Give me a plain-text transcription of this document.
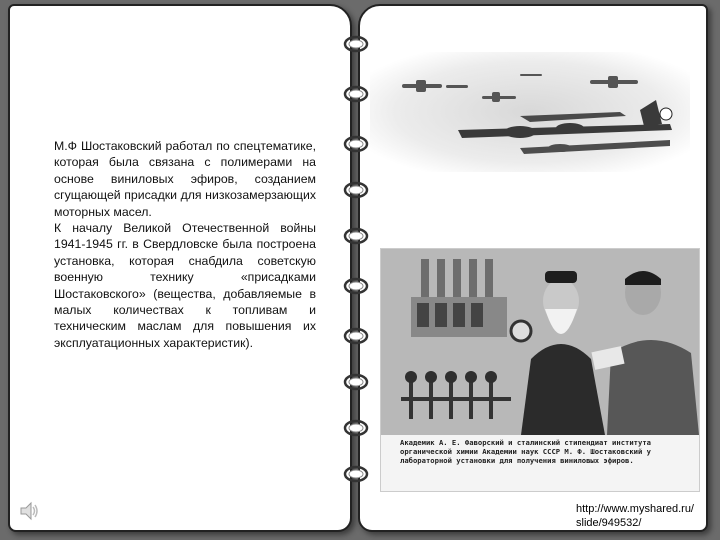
М.Ф Шостаковский работал по спецтематике, которая была связана с полимерами на основе виниловых эфиров, созданием сгущающей присадки для низкозамерзающих моторных масел.

К началу Великой Отечественной войны 1941-1945 гг. в Свердловске была построена установка, которая снабдила советскую военную технику «присадками Шостаковского» (вещества, добавляемые в малых количествах к топливам и техническим маслам для повышения их эксплуатационных характеристик).

Академик А. Е. Фаворский и сталинский стипендиат института органической химии Академии наук СССР М. Ф. Шостаковский у лабораторной установки для получения виниловых эфиров.

http://www.myshared.ru/slide/949532/
